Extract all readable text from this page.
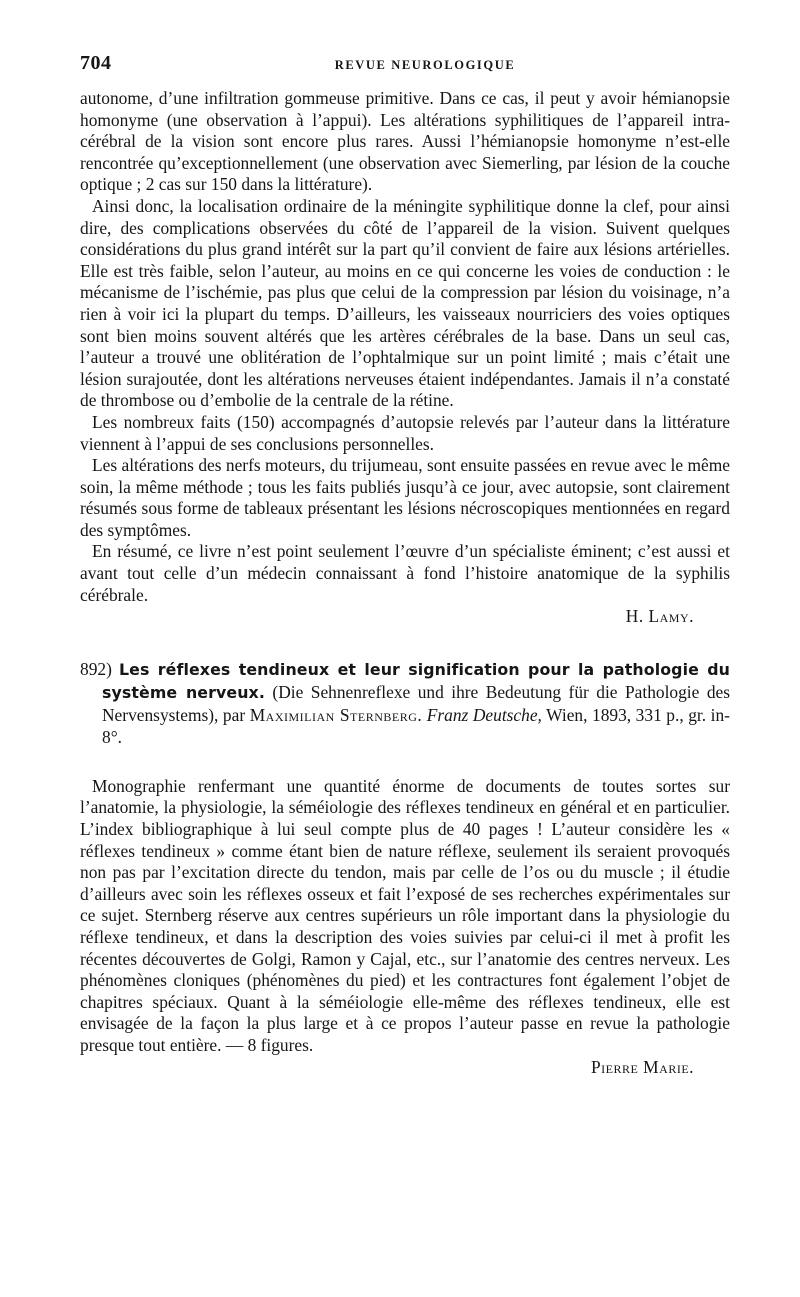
704	REVUE NEUROLOGIQUE

autonome, d’une infiltration gommeuse primitive. Dans ce cas, il peut y avoir hémianopsie homonyme (une observation à l’appui). Les altérations syphilitiques de l’appareil intra-cérébral de la vision sont encore plus rares. Aussi l’hémianopsie homonyme n’est-elle rencontrée qu’exceptionnellement (une observation avec Siemerling, par lésion de la couche optique ; 2 cas sur 150 dans la littérature).

Ainsi donc, la localisation ordinaire de la méningite syphilitique donne la clef, pour ainsi dire, des complications observées du côté de l’appareil de la vision. Suivent quelques considérations du plus grand intérêt sur la part qu’il convient de faire aux lésions artérielles. Elle est très faible, selon l’auteur, au moins en ce qui concerne les voies de conduction : le mécanisme de l’ischémie, pas plus que celui de la compression par lésion du voisinage, n’a rien à voir ici la plupart du temps. D’ailleurs, les vaisseaux nourriciers des voies optiques sont bien moins souvent altérés que les artères cérébrales de la base. Dans un seul cas, l’auteur a trouvé une oblitération de l’ophtalmique sur un point limité ; mais c’était une lésion surajoutée, dont les altérations nerveuses étaient indépendantes. Jamais il n’a constaté de thrombose ou d’embolie de la centrale de la rétine.

Les nombreux faits (150) accompagnés d’autopsie relevés par l’auteur dans la littérature viennent à l’appui de ses conclusions personnelles.

Les altérations des nerfs moteurs, du trijumeau, sont ensuite passées en revue avec le même soin, la même méthode ; tous les faits publiés jusqu’à ce jour, avec autopsie, sont clairement résumés sous forme de tableaux présentant les lésions nécroscopiques mentionnées en regard des symptômes.

En résumé, ce livre n’est point seulement l’œuvre d’un spécialiste éminent; c’est aussi et avant tout celle d’un médecin connaissant à fond l’histoire anatomique de la syphilis cérébrale.

H. Lamy.

892) Les réflexes tendineux et leur signification pour la pathologie du système nerveux. (Die Sehnenreflexe und ihre Bedeutung für die Pathologie des Nervensystems), par Maximilian Sternberg. Franz Deutsche, Wien, 1893, 331 p., gr. in-8°.

Monographie renfermant une quantité énorme de documents de toutes sortes sur l’anatomie, la physiologie, la séméiologie des réflexes tendineux en général et en particulier. L’index bibliographique à lui seul compte plus de 40 pages ! L’auteur considère les « réflexes tendineux » comme étant bien de nature réflexe, seulement ils seraient provoqués non pas par l’excitation directe du tendon, mais par celle de l’os ou du muscle ; il étudie d’ailleurs avec soin les réflexes osseux et fait l’exposé de ses recherches expérimentales sur ce sujet. Sternberg réserve aux centres supérieurs un rôle important dans la physiologie du réflexe tendineux, et dans la description des voies suivies par celui-ci il met à profit les récentes découvertes de Golgi, Ramon y Cajal, etc., sur l’anatomie des centres nerveux. Les phénomènes cloniques (phénomènes du pied) et les contractures font également l’objet de chapitres spéciaux. Quant à la séméiologie elle-même des réflexes tendineux, elle est envisagée de la façon la plus large et à ce propos l’auteur passe en revue la pathologie presque tout entière. — 8 figures.

Pierre Marie.
